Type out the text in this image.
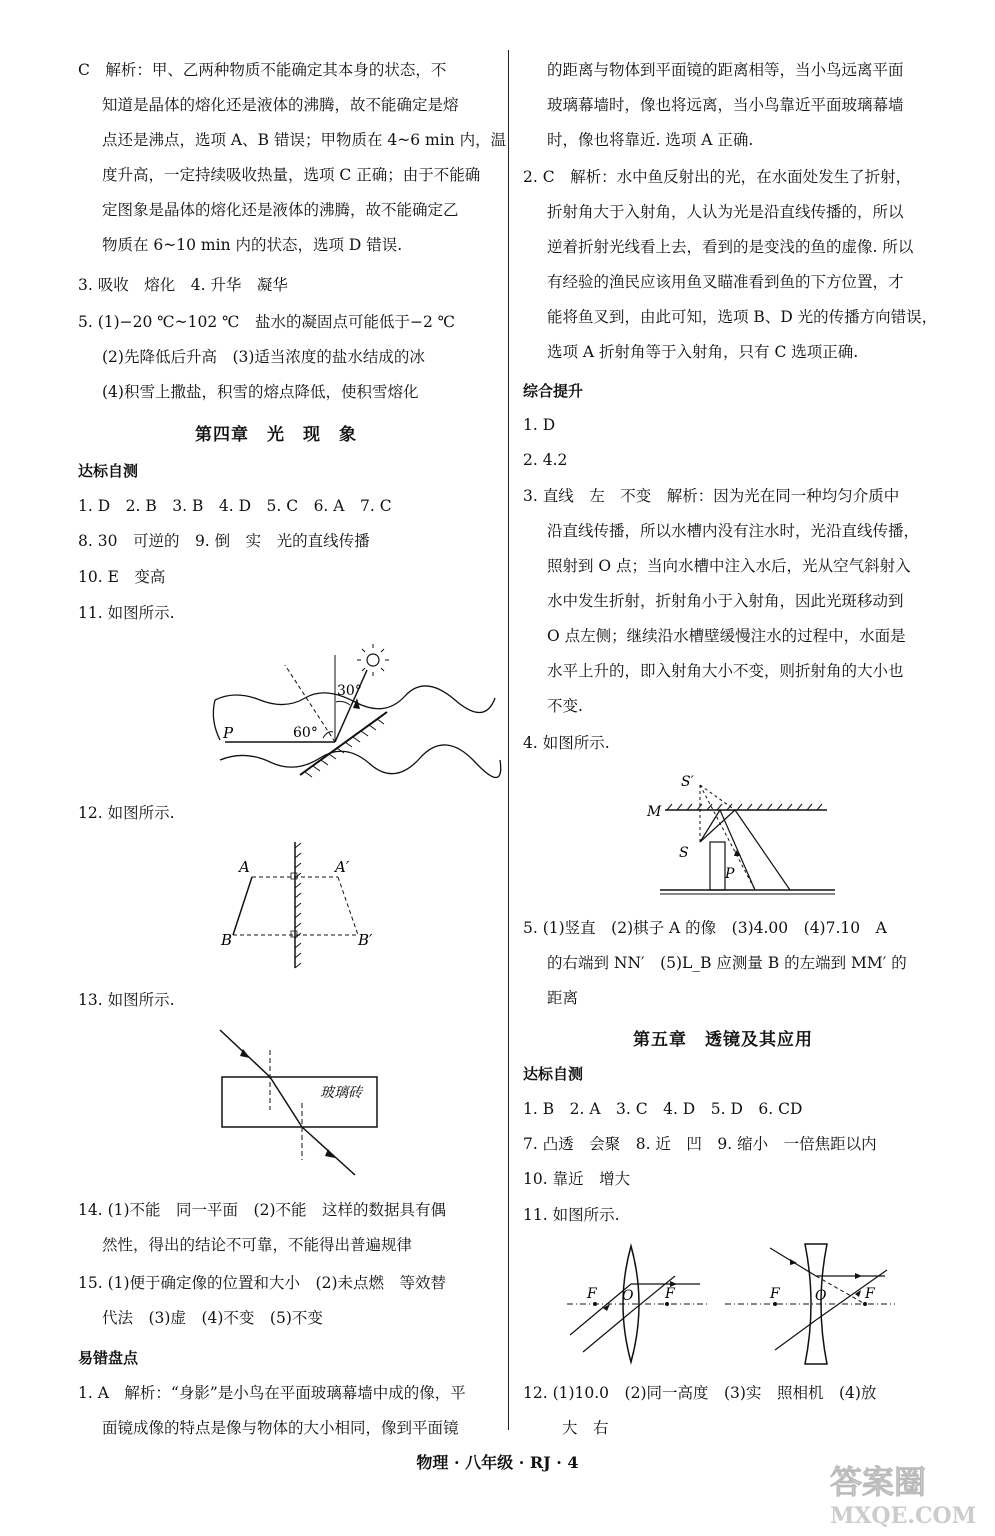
C　解析：甲、乙两种物质不能确定其本身的状态，不
知道是晶体的熔化还是液体的沸腾，故不能确定是熔
点还是沸点，选项 A、B 错误；甲物质在 4~6 min 内，温
度升高，一定持续吸收热量，选项 C 正确；由于不能确
定图象是晶体的熔化还是液体的沸腾，故不能确定乙
物质在 6~10 min 内的状态，选项 D 错误.
3. 吸收　熔化　4. 升华　凝华
5. (1)−20 ℃~102 ℃　盐水的凝固点可能低于−2 ℃
(2)先降低后升高　(3)适当浓度的盐水结成的冰
(4)积雪上撒盐，积雪的熔点降低，使积雪熔化
第四章　光　现　象
达标自测
1. D　2. B　3. B　4. D　5. C　6. A　7. C
8. 30　可逆的　9. 倒　实　光的直线传播
10. E　变高
11. 如图所示.
P	60°
30°
12. 如图所示.
A	A′
B	B′
13. 如图所示.
玻璃砖
14. (1)不能　同一平面　(2)不能　这样的数据具有偶
然性，得出的结论不可靠，不能得出普遍规律
15. (1)便于确定像的位置和大小　(2)未点燃　等效替
代法　(3)虚　(4)不变　(5)不变
易错盘点
1. A　解析：“身影”是小鸟在平面玻璃幕墙中成的像，平
面镜成像的特点是像与物体的大小相同，像到平面镜
的距离与物体到平面镜的距离相等，当小鸟远离平面
玻璃幕墙时，像也将远离，当小鸟靠近平面玻璃幕墙
时，像也将靠近. 选项 A 正确.
2. C　解析：水中鱼反射出的光，在水面处发生了折射，
折射角大于入射角，人认为光是沿直线传播的，所以
逆着折射光线看上去，看到的是变浅的鱼的虚像. 所以
有经验的渔民应该用鱼叉瞄准看到鱼的下方位置，才
能将鱼叉到，由此可知，选项 B、D 光的传播方向错误，
选项 A 折射角等于入射角，只有 C 选项正确.
综合提升
1. D
2. 4.2
3. 直线　左　不变　解析：因为光在同一种均匀介质中
沿直线传播，所以水槽内没有注水时，光沿直线传播，
照射到 O 点；当向水槽中注入水后，光从空气斜射入
水中发生折射，折射角小于入射角，因此光斑移动到
O 点左侧；继续沿水槽壁缓慢注水的过程中，水面是
水平上升的，即入射角大小不变，则折射角的大小也
不变.
4. 如图所示.
M
S′
S
P
5. (1)竖直　(2)棋子 A 的像　(3)4.00　(4)7.10　A
的右端到 NN′　(5)L_B 应测量 B 的左端到 MM′ 的
距离
第五章　透镜及其应用
达标自测
1. B　2. A　3. C　4. D　5. D　6. CD
7. 凸透　会聚　8. 近　凹　9. 缩小　一倍焦距以内
10. 靠近　增大
11. 如图所示.
F O F	F	O	F
12. (1)10.0　(2)同一高度　(3)实　照相机　(4)放
大　右
物理 · 八年级 · RJ · 4
答案圈
MXQE.COM
